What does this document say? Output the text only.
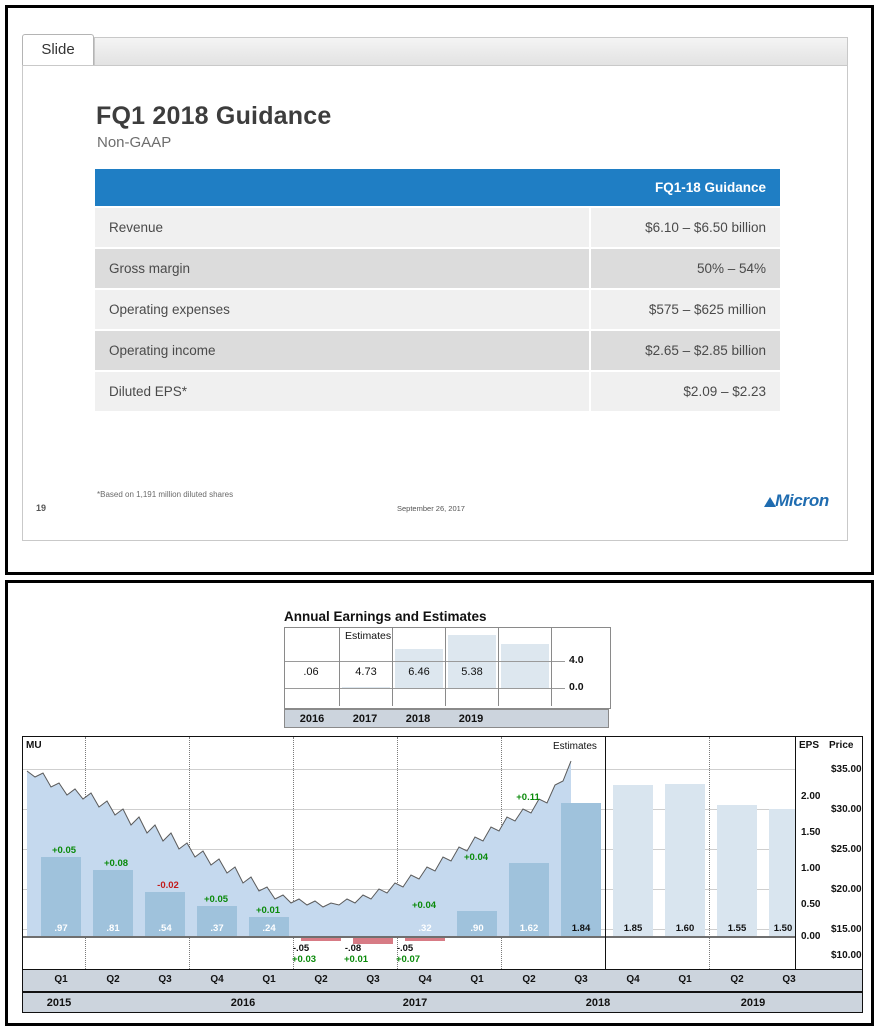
Slide
FQ1 2018 Guidance
Non-GAAP
	FQ1-18 Guidance
Revenue	$6.10 – $6.50 billion
Gross margin	50% – 54%
Operating expenses	$575 – $625 million
Operating income	$2.65 – $2.85 billion
Diluted EPS*	$2.09 – $2.23
*Based on 1,191 million diluted shares
19	September 26, 2017	Micron
Annual Earnings and Estimates
Estimates
.06	4.73	6.46	5.38
4.0
0.0
2016	2017	2018	2019
.97	.81	.54	.37	.24
-.05	-.08	-.05
.32	.90	1.62	1.84	1.85	1.60	1.55	1.50
+0.05
+0.08
-0.02
+0.05
+0.01
+0.03	+0.01	+0.07
+0.04
+0.04
+0.11
Estimates
MU	EPS Price
2.00
1.50
1.00
0.50
0.00
$35.00
$30.00
$25.00
$20.00
$15.00
$10.00
Q1	Q2	Q3	Q4	Q1	Q2	Q3	Q4	Q1	Q2	Q3	Q4	Q1	Q2	Q3
2015	2016	2017	2018	2019
